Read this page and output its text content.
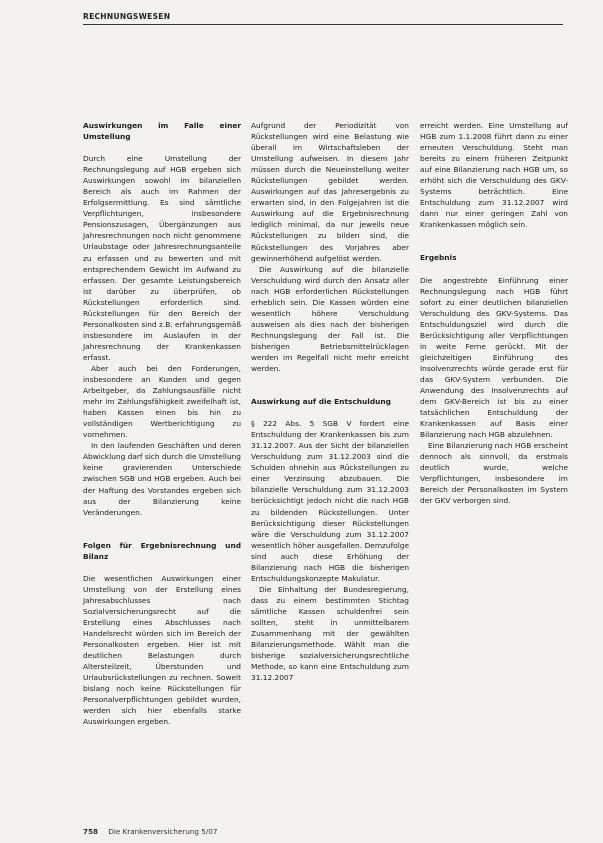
RECHNUNGSWESEN
Auswirkungen im Falle einer Umstellung

Durch eine Umstellung der Rechnungslegung auf HGB ergeben sich Auswirkungen sowohl im bilanziellen Bereich als auch im Rahmen der Erfolgsermittlung. Es sind sämtliche Verpflichtungen, insbesondere Pensionszusagen, Übergänzungen aus Jahresrechnungen noch nicht genommene Urlaubstage oder Jahresrechnungsanteile zu erfassen und zu bewerten und mit entsprechendem Gewicht im Aufwand zu erfassen. Der gesamte Leistungsbereich ist darüber zu überprüfen, ob Rückstellungen erforderlich sind. Rückstellungen für den Bereich der Personalkosten sind z.B. erfahrungsgemäß insbesondere im Auslaufen in der Jahresrechnung der Krankenkassen erfasst.

Aber auch bei den Forderungen, insbesondere an Kunden und gegen Arbeitgeber, da Zahlungsausfälle nicht mehr im Zahlungsfähigkeit zweifelhaft ist, haben Kassen einen bis hin zu vollständigen Wertberichtigung zu vornehmen.

In den laufenden Geschäften und deren Abwicklung darf sich durch die Umstellung keine gravierenden Unterschiede zwischen SGB und HGB ergeben. Auch bei der Haftung des Vorstandes ergeben sich aus der Bilanzierung keine Veränderungen.

Folgen für Ergebnisrechnung und Bilanz

Die wesentlichen Auswirkungen einer Umstellung von der Erstellung eines Jahresabschlusses nach Sozialversicherungsrecht auf die Erstellung eines Abschlusses nach Handelsrecht würden sich im Bereich der Personalkosten ergeben. Hier ist mit deutlichen Belastungen durch Altersteilzeit, Überstunden und Urlaubsrückstellungen zu rechnen. Soweit bislang noch keine Rückstellungen für Personalverpflichtungen gebildet wurden, werden sich hier ebenfalls starke Auswirkungen ergeben.

Aufgrund der Periodizität von Rückstellungen wird eine Belastung wie überall im Wirtschaftsleben der Umstellung aufweisen. In diesem Jahr müssen durch die Neueinstellung weiter Rückstellungen gebildet werden. Auswirkungen auf das Jahresergebnis zu erwarten sind, in den Folgejahren ist die Auswirkung auf die Ergebnisrechnung lediglich minimal, da nur jeweils neue Rückstellungen zu bilden sind, die Rückstellungen des Vorjahres aber gewinnerhöhend aufgelöst werden.

Die Auswirkung auf die bilanzielle Verschuldung wird durch den Ansatz aller nach HGB erforderlichen Rückstellungen erheblich sein. Die Kassen würden eine wesentlich höhere Verschuldung ausweisen als dies nach der bisherigen Rechnungslegung der Fall ist. Die bisherigen Betriebsmittelrücklagen werden im Regelfall nicht mehr erreicht werden.

Auswirkung auf die Entschuldung

§ 222 Abs. 5 SGB V fordert eine Entschuldung der Krankenkassen bis zum 31.12.2007. Aus der Sicht der bilanziellen Verschuldung zum 31.12.2003 sind die Schulden ohnehin aus Rückstellungen zu einer Verzinsung abzubauen. Die bilanzielle Verschuldung zum 31.12.2003 berücksichtigt jedoch nicht die nach HGB zu bildenden Rückstellungen. Unter Berücksichtigung dieser Rückstellungen wäre die Verschuldung zum 31.12.2007 wesentlich höher ausgefallen. Demzufolge sind auch diese Erhöhung der Bilanzierung nach HGB die bisherigen Entschuldungskonzepte Makulatur.

Die Einhaltung der Bundesregierung, dass zu einem bestimmten Stichtag sämtliche Kassen schuldenfrei sein sollten, steht in unmittelbarem Zusammenhang mit der gewählten Bilanzierungsmethode. Wählt man die bisherige sozialversicherungsrechtliche Methode, so kann eine Entschuldung zum 31.12.2007

erreicht werden. Eine Umstellung auf HGB zum 1.1.2008 führt dann zu einer erneuten Verschuldung. Steht man bereits zu einem früheren Zeitpunkt auf eine Bilanzierung nach HGB um, so erhöht sich die Verschuldung des GKV-Systems beträchtlich. Eine Entschuldung zum 31.12.2007 wird dann nur einer geringen Zahl von Krankenkassen möglich sein.

Ergebnis

Die angestrebte Einführung einer Rechnungslegung nach HGB führt sofort zu einer deutlichen bilanziellen Verschuldung des GKV-Systems. Das Entschuldungsziel wird durch die Berücksichtigung aller Verpflichtungen in weite Ferne gerückt. Mit der gleichzeitigen Einführung des Insolvenzrechts würde gerade erst für das GKV-System verbunden. Die Anwendung des Insolvenzrechts auf dem GKV-Bereich ist bis zu einer tatsächlichen Entschuldung der Krankenkassen auf Basis einer Bilanzierung nach HGB abzulehnen.

Eine Bilanzierung nach HGB erscheint dennoch als sinnvoll, da erstmals deutlich wurde, welche Verpflichtungen, insbesondere im Bereich der Personalkosten im System der GKV verborgen sind.

758 Die Krankenversicherung 5/07
